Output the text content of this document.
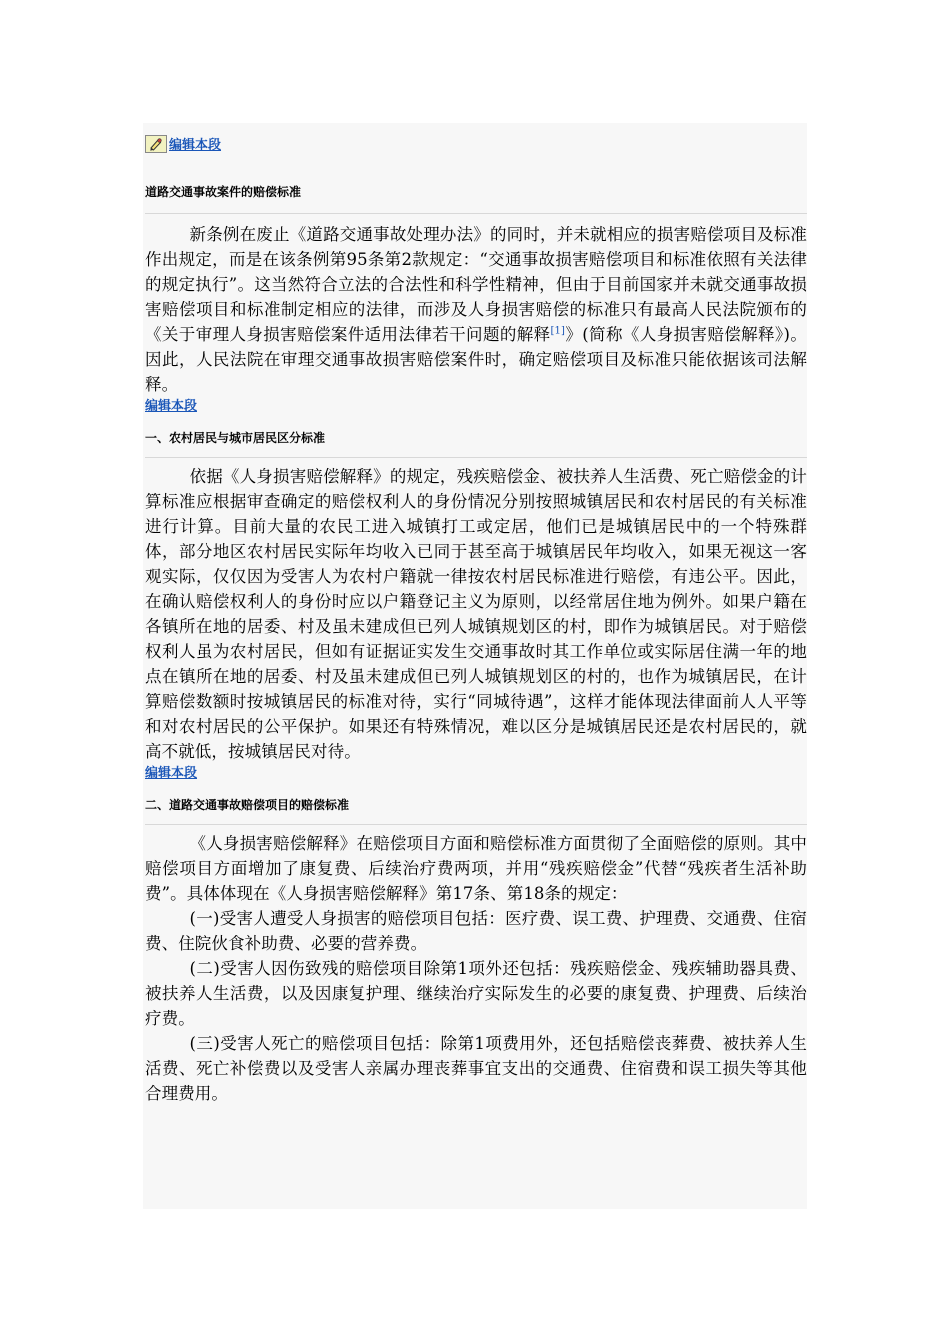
编辑本段
道路交通事故案件的赔偿标准

新条例在废止《道路交通事故处理办法》的同时，并未就相应的损害赔偿项目及标准作出规定，而是在该条例第95条第2款规定：“交通事故损害赔偿项目和标准依照有关法律的规定执行”。这当然符合立法的合法性和科学性精神，但由于目前国家并未就交通事故损害赔偿项目和标准制定相应的法律，而涉及人身损害赔偿的标准只有最高人民法院颁布的《关于审理人身损害赔偿案件适用法律若干问题的解释[1]》(简称《人身损害赔偿解释》)。因此，人民法院在审理交通事故损害赔偿案件时，确定赔偿项目及标准只能依据该司法解释。

编辑本段
一、农村居民与城市居民区分标准

依据《人身损害赔偿解释》的规定，残疾赔偿金、被扶养人生活费、死亡赔偿金的计算标准应根据审查确定的赔偿权利人的身份情况分别按照城镇居民和农村居民的有关标准进行计算。目前大量的农民工进入城镇打工或定居，他们已是城镇居民中的一个特殊群体，部分地区农村居民实际年均收入已同于甚至高于城镇居民年均收入，如果无视这一客观实际，仅仅因为受害人为农村户籍就一律按农村居民标准进行赔偿，有违公平。因此，在确认赔偿权利人的身份时应以户籍登记主义为原则，以经常居住地为例外。如果户籍在各镇所在地的居委、村及虽未建成但已列人城镇规划区的村，即作为城镇居民。对于赔偿权利人虽为农村居民，但如有证据证实发生交通事故时其工作单位或实际居住满一年的地点在镇所在地的居委、村及虽未建成但已列人城镇规划区的村的，也作为城镇居民，在计算赔偿数额时按城镇居民的标准对待，实行“同城待遇”，这样才能体现法律面前人人平等和对农村居民的公平保护。如果还有特殊情况，难以区分是城镇居民还是农村居民的，就高不就低，按城镇居民对待。

编辑本段
二、道路交通事故赔偿项目的赔偿标准

《人身损害赔偿解释》在赔偿项目方面和赔偿标准方面贯彻了全面赔偿的原则。其中赔偿项目方面增加了康复费、后续治疗费两项，并用“残疾赔偿金”代替“残疾者生活补助费”。具体体现在《人身损害赔偿解释》第17条、第18条的规定：

(一)受害人遭受人身损害的赔偿项目包括：医疗费、误工费、护理费、交通费、住宿费、住院伙食补助费、必要的营养费。

(二)受害人因伤致残的赔偿项目除第1项外还包括：残疾赔偿金、残疾辅助器具费、被扶养人生活费，以及因康复护理、继续治疗实际发生的必要的康复费、护理费、后续治疗费。

(三)受害人死亡的赔偿项目包括：除第1项费用外，还包括赔偿丧葬费、被扶养人生活费、死亡补偿费以及受害人亲属办理丧葬事宜支出的交通费、住宿费和误工损失等其他合理费用。
